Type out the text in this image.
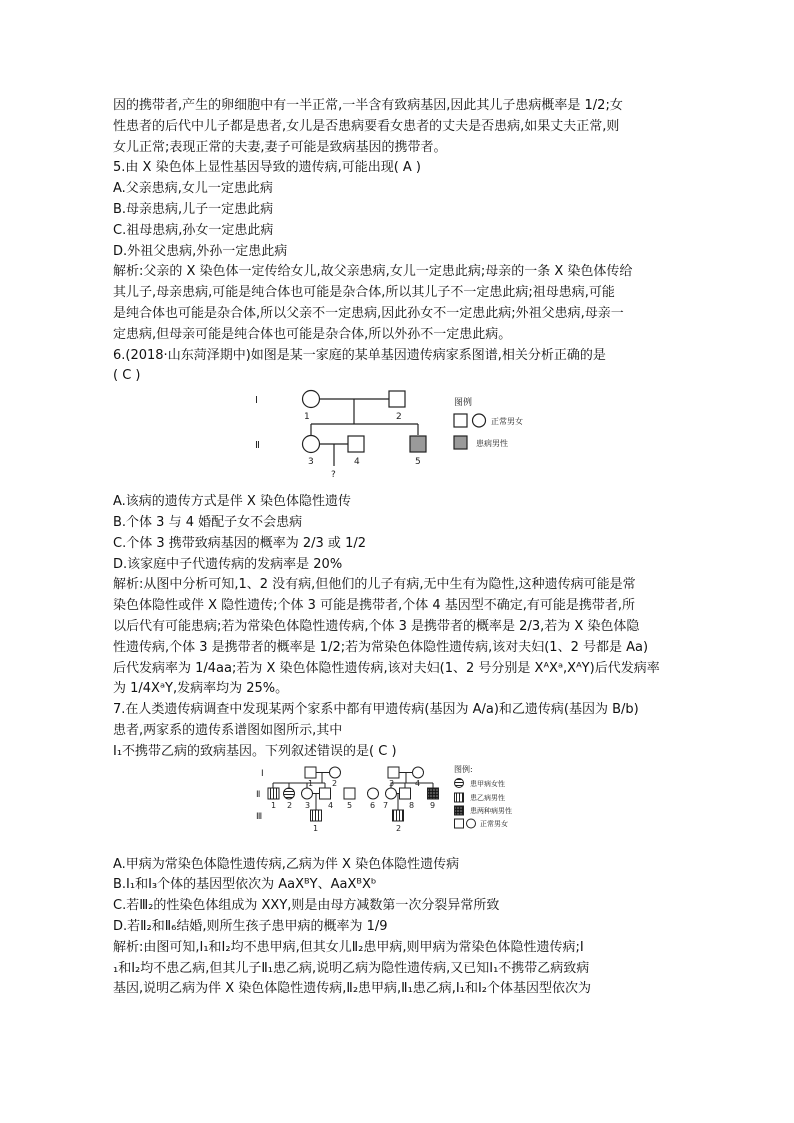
因的携带者,产生的卵细胞中有一半正常,一半含有致病基因,因此其儿子患病概率是 1/2;女
性患者的后代中儿子都是患者,女儿是否患病要看女患者的丈夫是否患病,如果丈夫正常,则
女儿正常;表现正常的夫妻,妻子可能是致病基因的携带者。
5.由 X 染色体上显性基因导致的遗传病,可能出现( A )
A.父亲患病,女儿一定患此病
B.母亲患病,儿子一定患此病
C.祖母患病,孙女一定患此病
D.外祖父患病,外孙一定患此病
解析:父亲的 X 染色体一定传给女儿,故父亲患病,女儿一定患此病;母亲的一条 X 染色体传给
其儿子,母亲患病,可能是纯合体也可能是杂合体,所以其儿子不一定患此病;祖母患病,可能
是纯合体也可能是杂合体,所以父亲不一定患病,因此孙女不一定患此病;外祖父患病,母亲一
定患病,但母亲可能是纯合体也可能是杂合体,所以外孙不一定患此病。
6.(2018·山东菏泽期中)如图是某一家庭的某单基因遗传病家系图谱,相关分析正确的是
( C )
Ⅰ
Ⅱ
1	2
3	4	5
?
图例
正常男女
患病男性
A.该病的遗传方式是伴 X 染色体隐性遗传
B.个体 3 与 4 婚配子女不会患病
C.个体 3 携带致病基因的概率为 2/3 或 1/2
D.该家庭中子代遗传病的发病率是 20%
解析:从图中分析可知,1、2 没有病,但他们的儿子有病,无中生有为隐性,这种遗传病可能是常
染色体隐性或伴 X 隐性遗传;个体 3 可能是携带者,个体 4 基因型不确定,有可能是携带者,所
以后代有可能患病;若为常染色体隐性遗传病,个体 3 是携带者的概率是 2/3,若为 X 染色体隐
性遗传病,个体 3 是携带者的概率是 1/2;若为常染色体隐性遗传病,该对夫妇(1、2 号都是 Aa)
后代发病率为 1/4aa;若为 X 染色体隐性遗传病,该对夫妇(1、2 号分别是 XᴬXᵃ,XᴬY)后代发病率
为 1/4XᵃY,发病率均为 25%。
7.在人类遗传病调查中发现某两个家系中都有甲遗传病(基因为 A/a)和乙遗传病(基因为 B/b)
患者,两家系的遗传系谱图如图所示,其中
Ⅰ₁不携带乙病的致病基因。下列叙述错误的是( C )
Ⅰ
Ⅱ
Ⅲ
1 2	3	4
1 2 3 4 5 6 7	8 9
1	2
图例:
患甲病女性
患乙病男性
患两种病男性
正常男女
A.甲病为常染色体隐性遗传病,乙病为伴 X 染色体隐性遗传病
B.Ⅰ₁和Ⅰ₃个体的基因型依次为 AaXᴮY、AaXᴮXᵇ
C.若Ⅲ₂的性染色体组成为 XXY,则是由母方减数第一次分裂异常所致
D.若Ⅱ₂和Ⅱ₆结婚,则所生孩子患甲病的概率为 1/9
解析:由图可知,Ⅰ₁和Ⅰ₂均不患甲病,但其女儿Ⅱ₂患甲病,则甲病为常染色体隐性遗传病;Ⅰ
₁和Ⅰ₂均不患乙病,但其儿子Ⅱ₁患乙病,说明乙病为隐性遗传病,又已知Ⅰ₁不携带乙病致病
基因,说明乙病为伴 X 染色体隐性遗传病,Ⅱ₂患甲病,Ⅱ₁患乙病,Ⅰ₁和Ⅰ₂个体基因型依次为
